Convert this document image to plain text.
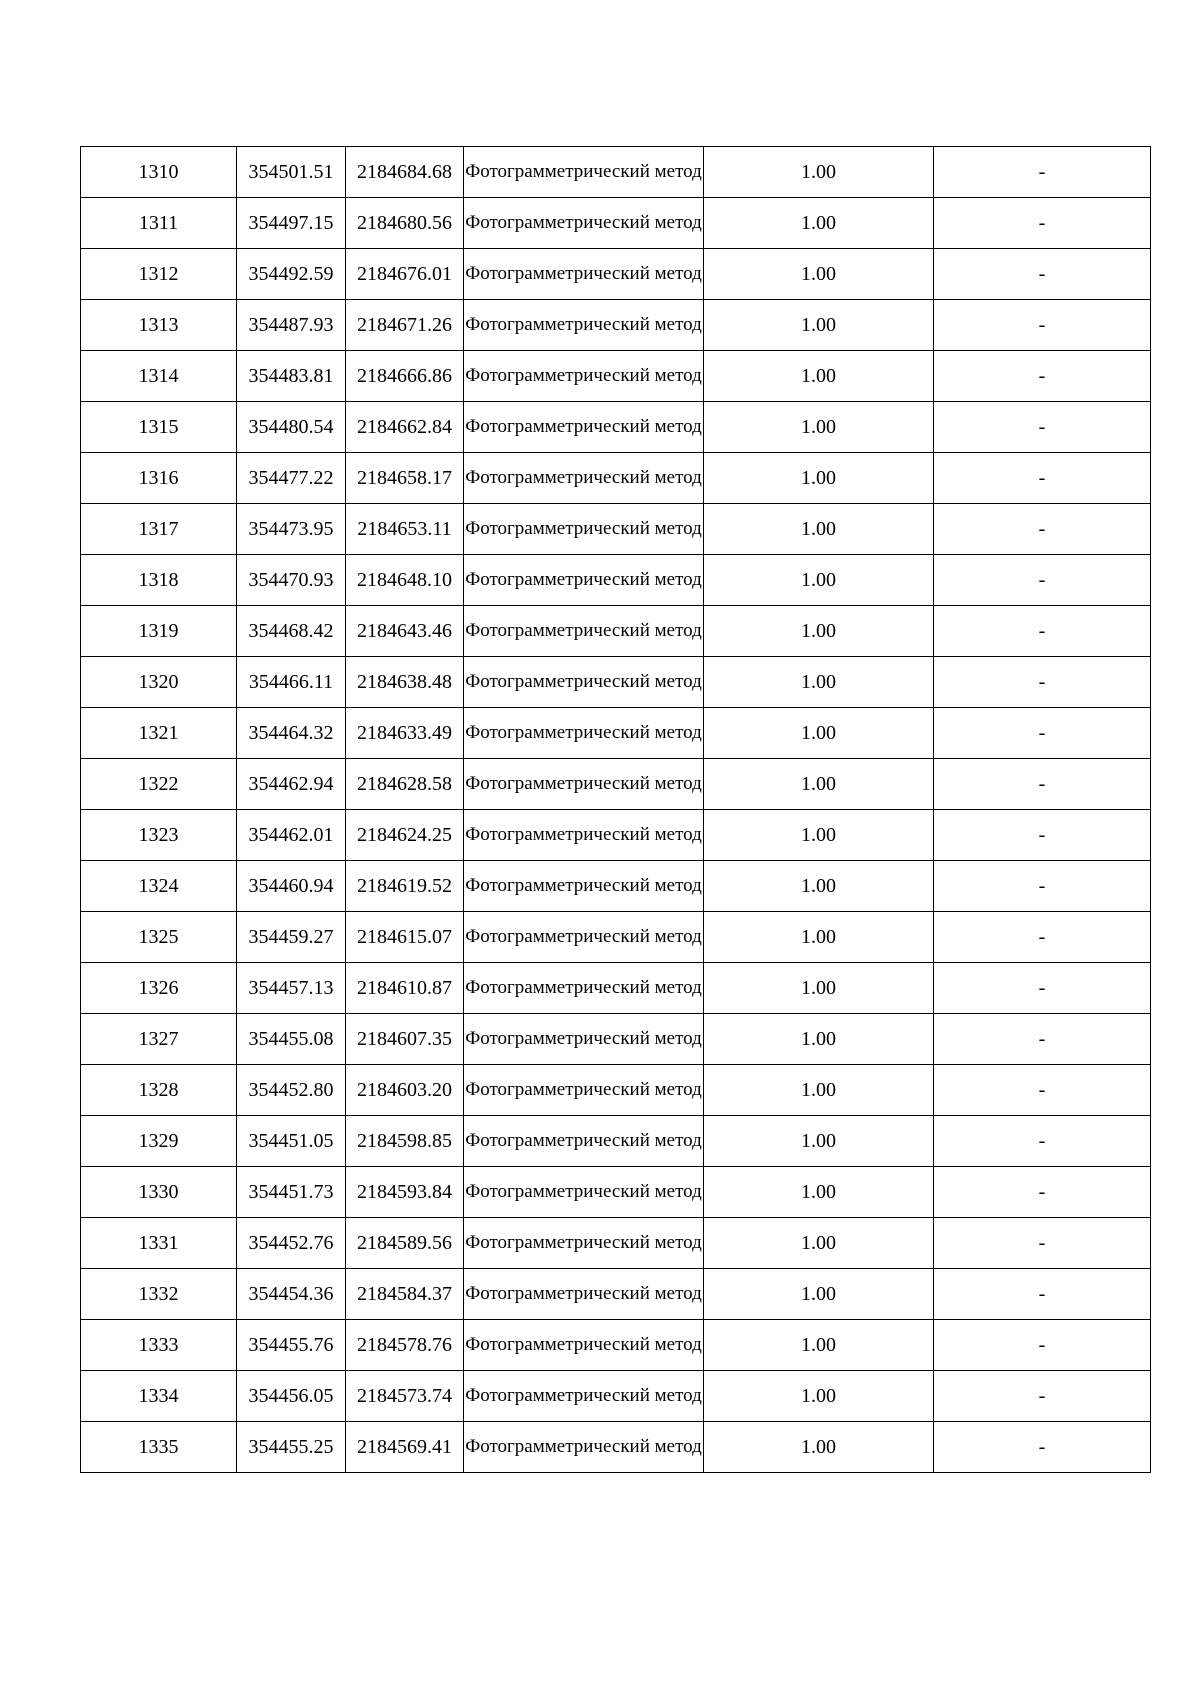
1310	354501.51	2184684.68	Фотограмметрический метод	1.00	-
1311	354497.15	2184680.56	Фотограмметрический метод	1.00	-
1312	354492.59	2184676.01	Фотограмметрический метод	1.00	-
1313	354487.93	2184671.26	Фотограмметрический метод	1.00	-
1314	354483.81	2184666.86	Фотограмметрический метод	1.00	-
1315	354480.54	2184662.84	Фотограмметрический метод	1.00	-
1316	354477.22	2184658.17	Фотограмметрический метод	1.00	-
1317	354473.95	2184653.11	Фотограмметрический метод	1.00	-
1318	354470.93	2184648.10	Фотограмметрический метод	1.00	-
1319	354468.42	2184643.46	Фотограмметрический метод	1.00	-
1320	354466.11	2184638.48	Фотограмметрический метод	1.00	-
1321	354464.32	2184633.49	Фотограмметрический метод	1.00	-
1322	354462.94	2184628.58	Фотограмметрический метод	1.00	-
1323	354462.01	2184624.25	Фотограмметрический метод	1.00	-
1324	354460.94	2184619.52	Фотограмметрический метод	1.00	-
1325	354459.27	2184615.07	Фотограмметрический метод	1.00	-
1326	354457.13	2184610.87	Фотограмметрический метод	1.00	-
1327	354455.08	2184607.35	Фотограмметрический метод	1.00	-
1328	354452.80	2184603.20	Фотограмметрический метод	1.00	-
1329	354451.05	2184598.85	Фотограмметрический метод	1.00	-
1330	354451.73	2184593.84	Фотограмметрический метод	1.00	-
1331	354452.76	2184589.56	Фотограмметрический метод	1.00	-
1332	354454.36	2184584.37	Фотограмметрический метод	1.00	-
1333	354455.76	2184578.76	Фотограмметрический метод	1.00	-
1334	354456.05	2184573.74	Фотограмметрический метод	1.00	-
1335	354455.25	2184569.41	Фотограмметрический метод	1.00	-
